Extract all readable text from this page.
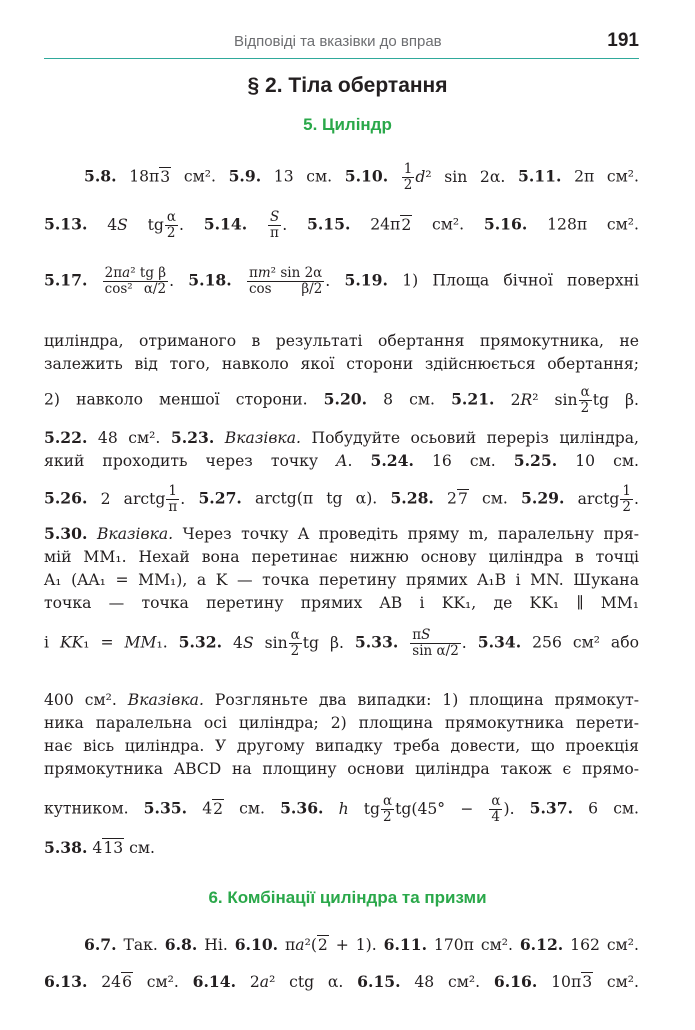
Відповіді та вказівки до вправ	191
§ 2. Тіла обертання
5. Циліндр
5.8. 18π3 см². 5.9. 13 см. 5.10. $\frac{1}{2} d^2$ sin 2α. 5.11. 2π см².
5.13. 4S tg $\frac{\alpha}{2}$ . 5.14. $\frac{S}{\pi}$ . 5.15. 24π2 см². 5.16. 128π см².
5.17. $\frac{\text{2πa² tg β}}{\text{cos² α/2}}$ . 5.18. $\frac{\text{πm² sin 2α}}{\text{cos β/2}}$ . 5.19. 1) Площа бічної поверхні
циліндра, отриманого в результаті обертання прямокутника, не
залежить від того, навколо якої сторони здійснюється обертання;
2) навколо меншої сторони. 5.20. 8 см. 5.21. 2R² $\sin \frac{\alpha}{2}$ tg β.
5.22. 48 см². 5.23. Вказівка. Побудуйте осьовий переріз циліндра,
який проходить через точку A. 5.24. 16 см. 5.25. 10 см.
5.26. 2 arctg $\frac{1}{\pi}$ . 5.27. arctg(π tg α). 5.28. 27 см. 5.29. arctg $\frac{1}{2}$ .
5.30. Вказівка. Через точку A проведіть пряму m, паралельну пря-
мій MM₁. Нехай вона перетинає нижню основу циліндра в точці
A₁ (AA₁ = MM₁), а K — точка перетину прямих A₁B і MN. Шукана
точка — точка перетину прямих AB і KK₁, де KK₁ ∥ MM₁
і KK₁ = MM₁. 5.32. 4S $\sin \frac{\alpha}{2}$ tg β. 5.33. $\frac{\pi S}{\text{sin α/2}}$ . 5.34. 256 см² або
400 см². Вказівка. Розгляньте два випадки: 1) площина прямокут-
ника паралельна осі циліндра; 2) площина прямокутника перети-
нає вісь циліндра. У другому випадку треба довести, що проекція
прямокутника ABCD на площину основи циліндра також є прямо-
кутником. 5.35. 42 см. 5.36. h tg $\frac{\alpha}{2} tg(45^\circ - \frac{\alpha}{4}$ ). 5.37. 6 см.
5.38. 413 см.
6. Комбінації циліндра та призми
6.7. Так. 6.8. Ні. 6.10. πa²(2 + 1). 6.11. 170π см². 6.12. 162 см².
6.13. 246 см². 6.14. 2a² ctg α. 6.15. 48 см². 6.16. 10π3 см².
